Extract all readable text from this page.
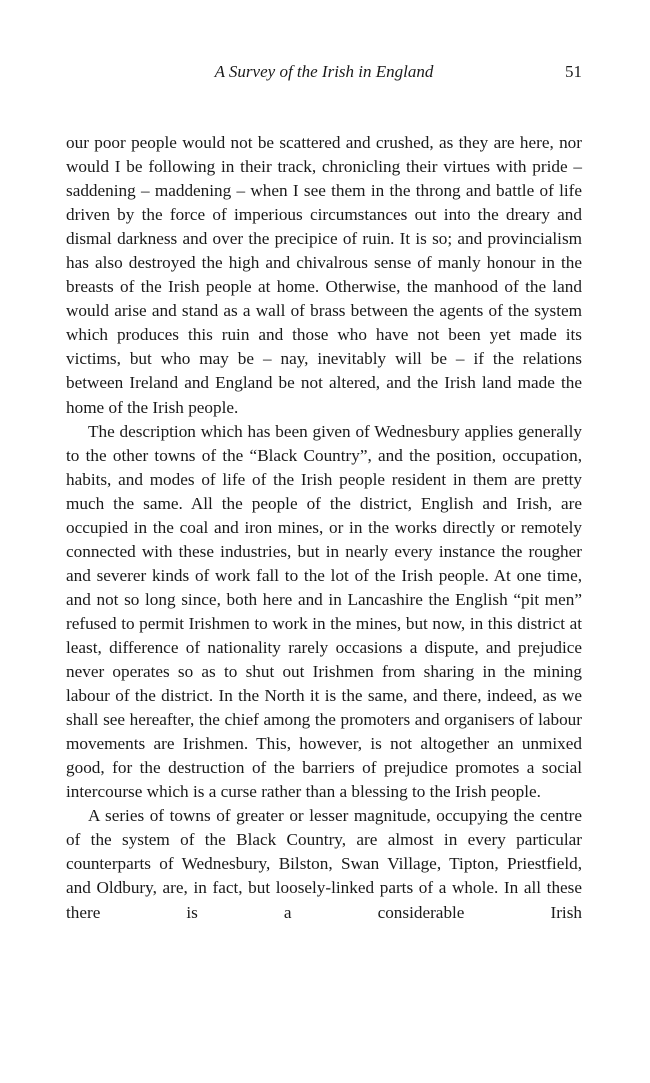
A Survey of the Irish in England	51

our poor people would not be scattered and crushed, as they are here, nor would I be following in their track, chronicling their virtues with pride – saddening – maddening – when I see them in the throng and battle of life driven by the force of imperious circumstances out into the dreary and dismal darkness and over the precipice of ruin. It is so; and provincialism has also destroyed the high and chivalrous sense of manly honour in the breasts of the Irish people at home. Otherwise, the manhood of the land would arise and stand as a wall of brass between the agents of the system which produces this ruin and those who have not been yet made its victims, but who may be – nay, inevitably will be – if the relations between Ireland and England be not altered, and the Irish land made the home of the Irish people.

The description which has been given of Wednesbury applies generally to the other towns of the “Black Country”, and the position, occupation, habits, and modes of life of the Irish people resident in them are pretty much the same. All the people of the district, English and Irish, are occupied in the coal and iron mines, or in the works directly or remotely connected with these industries, but in nearly every instance the rougher and severer kinds of work fall to the lot of the Irish people. At one time, and not so long since, both here and in Lancashire the English “pit men” refused to permit Irishmen to work in the mines, but now, in this district at least, difference of nationality rarely occasions a dispute, and prejudice never operates so as to shut out Irishmen from sharing in the mining labour of the district. In the North it is the same, and there, indeed, as we shall see hereafter, the chief among the promoters and organisers of labour movements are Irishmen. This, however, is not altogether an unmixed good, for the destruction of the barriers of prejudice promotes a social intercourse which is a curse rather than a blessing to the Irish people.

A series of towns of greater or lesser magnitude, occupying the centre of the system of the Black Country, are almost in every particular counterparts of Wednesbury, Bilston, Swan Village, Tipton, Priestfield, and Oldbury, are, in fact, but loosely-linked parts of a whole. In all these there is a considerable Irish
